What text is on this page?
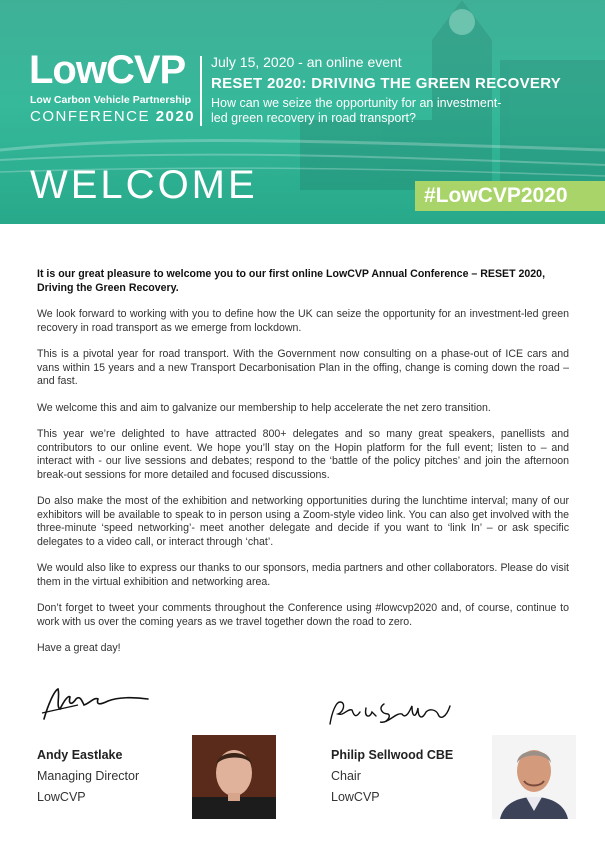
LowCVP
Low Carbon Vehicle Partnership
CONFERENCE 2020
July 15, 2020 - an online event
RESET 2020: DRIVING THE GREEN RECOVERY
How can we seize the opportunity for an investment-led green recovery in road transport?
WELCOME	#LowCVP2020

It is our great pleasure to welcome you to our first online LowCVP Annual Conference – RESET 2020, Driving the Green Recovery.

We look forward to working with you to define how the UK can seize the opportunity for an investment-led green recovery in road transport as we emerge from lockdown.

This is a pivotal year for road transport. With the Government now consulting on a phase-out of ICE cars and vans within 15 years and a new Transport Decarbonisation Plan in the offing, change is coming down the road – and fast.

We welcome this and aim to galvanize our membership to help accelerate the net zero transition.

This year we’re delighted to have attracted 800+ delegates and so many great speakers, panellists and contributors to our online event. We hope you’ll stay on the Hopin platform for the full event; listen to – and interact with - our live sessions and debates; respond to the ‘battle of the policy pitches’ and join the afternoon break-out sessions for more detailed and focused discussions.

Do also make the most of the exhibition and networking opportunities during the lunchtime interval; many of our exhibitors will be available to speak to in person using a Zoom-style video link. You can also get involved with the three-minute ‘speed networking’- meet another delegate and decide if you want to ‘link In’ – or ask specific delegates to a video call, or interact through ‘chat’.

We would also like to express our thanks to our sponsors, media partners and other collaborators. Please do visit them in the virtual exhibition and networking area.

Don’t forget to tweet your comments throughout the Conference using #lowcvp2020 and, of course, continue to work with us over the coming years as we travel together down the road to zero.

Have a great day!

Andy Eastlake
Managing Director
LowCVP
Philip Sellwood CBE
Chair
LowCVP
